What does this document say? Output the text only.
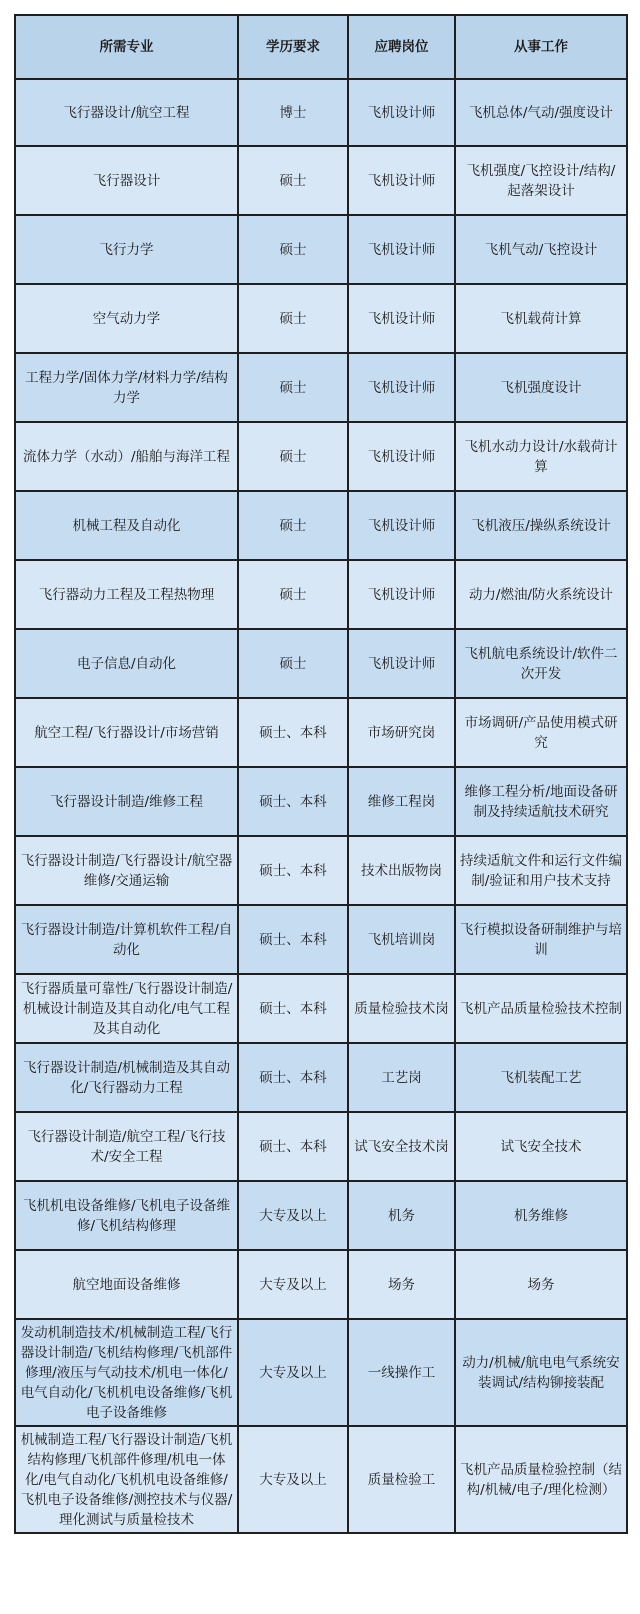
所需专业	学历要求	应聘岗位	从事工作
飞行器设计/航空工程	博士	飞机设计师	飞机总体/气动/强度设计
飞行器设计	硕士	飞机设计师	飞机强度/飞控设计/结构/起落架设计
飞行力学	硕士	飞机设计师	飞机气动/飞控设计
空气动力学	硕士	飞机设计师	飞机载荷计算
工程力学/固体力学/材料力学/结构力学	硕士	飞机设计师	飞机强度设计
流体力学（水动）/船舶与海洋工程	硕士	飞机设计师	飞机水动力设计/水载荷计算
机械工程及自动化	硕士	飞机设计师	飞机液压/操纵系统设计
飞行器动力工程及工程热物理	硕士	飞机设计师	动力/燃油/防火系统设计
电子信息/自动化	硕士	飞机设计师	飞机航电系统设计/软件二次开发
航空工程/飞行器设计/市场营销	硕士、本科	市场研究岗	市场调研/产品使用模式研究
飞行器设计制造/维修工程	硕士、本科	维修工程岗	维修工程分析/地面设备研制及持续适航技术研究
飞行器设计制造/飞行器设计/航空器维修/交通运输	硕士、本科	技术出版物岗	持续适航文件和运行文件编制/验证和用户技术支持
飞行器设计制造/计算机软件工程/自动化	硕士、本科	飞机培训岗	飞行模拟设备研制维护与培训
飞行器质量可靠性/飞行器设计制造/机械设计制造及其自动化/电气工程及其自动化	硕士、本科	质量检验技术岗	飞机产品质量检验技术控制
飞行器设计制造/机械制造及其自动化/飞行器动力工程	硕士、本科	工艺岗	飞机装配工艺
飞行器设计制造/航空工程/飞行技术/安全工程	硕士、本科	试飞安全技术岗	试飞安全技术
飞机机电设备维修/飞机电子设备维修/飞机结构修理	大专及以上	机务	机务维修
航空地面设备维修	大专及以上	场务	场务
发动机制造技术/机械制造工程/飞行器设计制造/飞机结构修理/飞机部件修理/液压与气动技术/机电一体化/电气自动化/飞机机电设备维修/飞机电子设备维修	大专及以上	一线操作工	动力/机械/航电电气系统安装调试/结构铆接装配
机械制造工程/飞行器设计制造/飞机结构修理/飞机部件修理/机电一体化/电气自动化/飞机机电设备维修/飞机电子设备维修/测控技术与仪器/理化测试与质量检技术	大专及以上	质量检验工	飞机产品质量检验控制（结构/机械/电子/理化检测）
